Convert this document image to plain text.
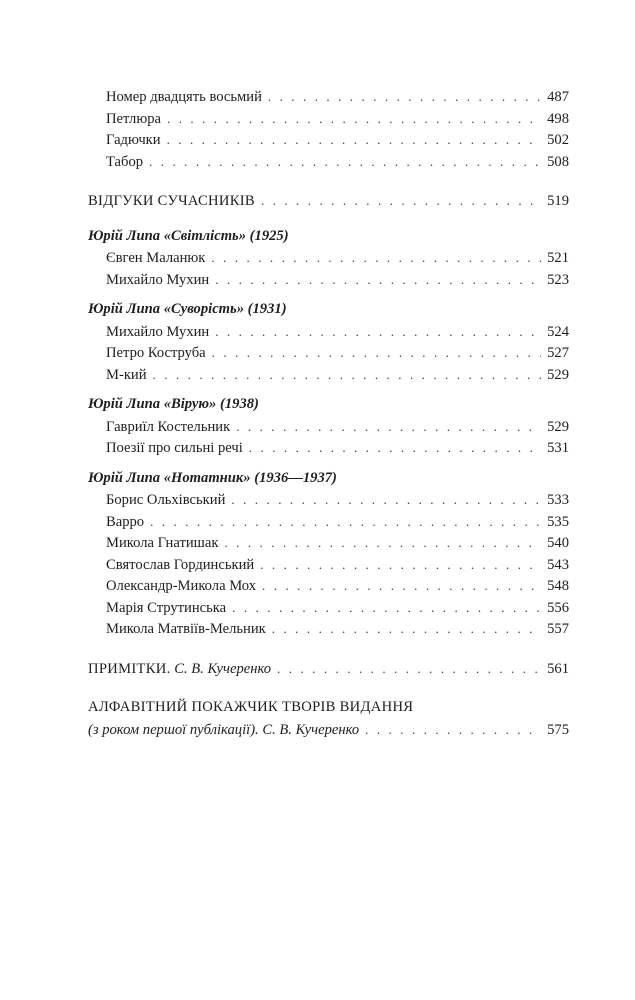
Номер двадцять восьмий . . .	487
Петлюра . . .	498
Гадючки . . .	502
Табор . . .	508
ВІДГУКИ СУЧАСНИКІВ . . .	519
Юрій Липа «Світлість» (1925)
Євген Маланюк . . .	521
Михайло Мухин . . .	523
Юрій Липа «Суворість» (1931)
Михайло Мухин . . .	524
Петро Коструба . . .	527
М-кий . . .	529
Юрій Липа «Вірую» (1938)
Гавриїл Костельник . . .	529
Поезії про сильні речі . . .	531
Юрій Липа «Нотатник» (1936—1937)
Борис Ольхівський . . .	533
Варро . . .	535
Микола Гнатишак . . .	540
Святослав Гординський . . .	543
Олександр-Микола Мох . . .	548
Марія Струтинська . . .	556
Микола Матвіїв-Мельник . . .	557
ПРИМІТКИ. С. В. Кучеренко . . .	561
АЛФАВІТНИЙ ПОКАЖЧИК ТВОРІВ ВИДАННЯ
(з роком першої публікації). С. В. Кучеренко . . .	575
